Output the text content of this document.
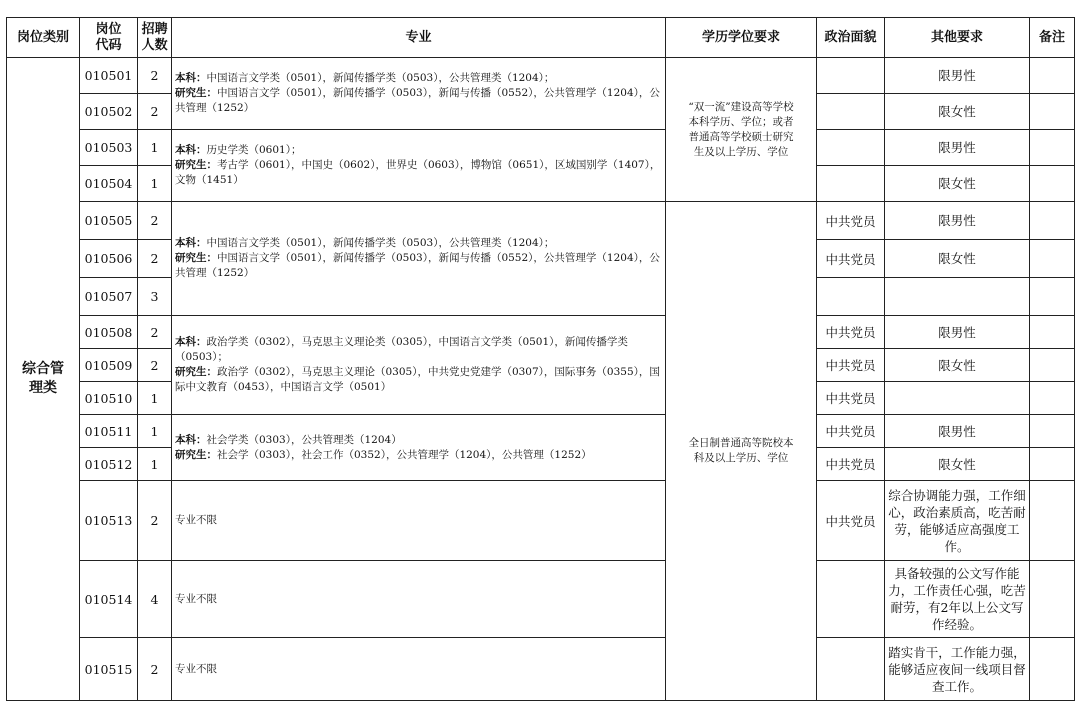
岗位类别	岗位代码	招聘人数	专业	学历学位要求	政治面貌	其他要求	备注

综合管理类	010501	2	本科：中国语言文学类（0501），新闻传播学类（0503），公共管理类（1204）；
研究生：中国语言文学（0501），新闻传播学（0503），新闻与传播（0552），公共管理学（1204），公共管理（1252）	“双一流”建设高等学校本科学历、学位；或者普通高等学校硕士研究生及以上学历、学位		限男性	
	010502	2				限女性	
	010503	1	本科：历史学类（0601）；
研究生：考古学（0601），中国史（0602），世界史（0603），博物馆（0651），区域国别学（1407），文物（1451）			限男性	
	010504	1				限女性	
	010505	2	本科：中国语言文学类（0501），新闻传播学类（0503），公共管理类（1204）；
研究生：中国语言文学（0501），新闻传播学（0503），新闻与传播（0552），公共管理学（1204），公共管理（1252）	全日制普通高等院校本科及以上学历、学位	中共党员	限男性	
	010506	2			中共党员	限女性	
	010507	3					
	010508	2	本科：政治学类（0302），马克思主义理论类（0305），中国语言文学类（0501），新闻传播学类（0503）；
研究生：政治学（0302），马克思主义理论（0305），中共党史党建学（0307），国际事务（0355），国际中文教育（0453），中国语言文学（0501）		中共党员	限男性	
	010509	2			中共党员	限女性	
	010510	1			中共党员		
	010511	1	本科：社会学类（0303），公共管理类（1204）
研究生：社会学（0303），社会工作（0352），公共管理学（1204），公共管理（1252）		中共党员	限男性	
	010512	1			中共党员	限女性	
	010513	2	专业不限		中共党员	综合协调能力强，工作细心，政治素质高，吃苦耐劳，能够适应高强度工作。	
	010514	4	专业不限			具备较强的公文写作能力，工作责任心强，吃苦耐劳，有2年以上公文写作经验。	
	010515	2	专业不限			踏实肯干，工作能力强，能够适应夜间一线项目督查工作。	
